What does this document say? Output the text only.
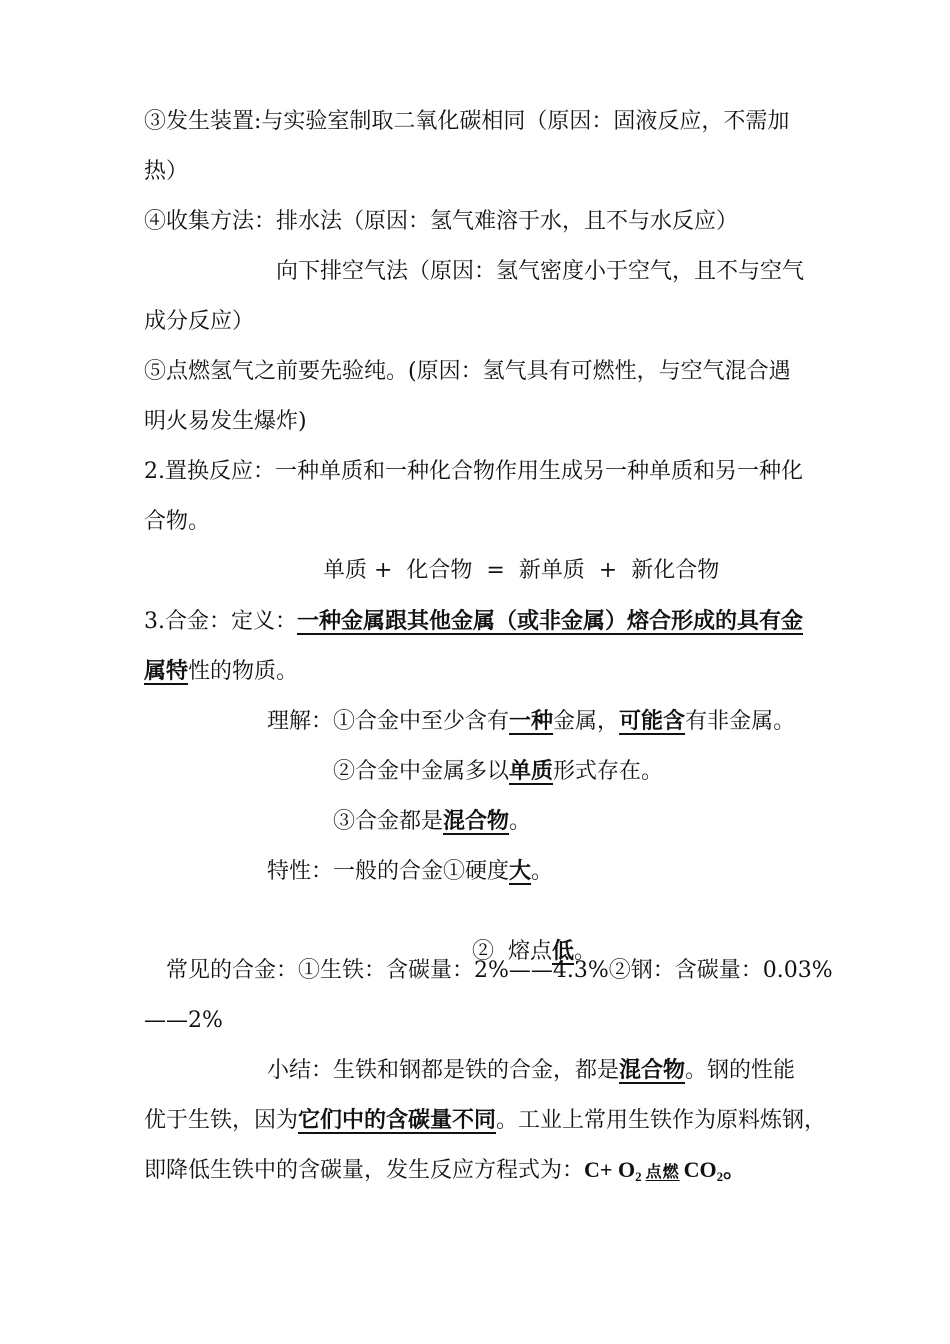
③发生装置:与实验室制取二氧化碳相同（原因：固液反应，不需加
热）
④收集方法：排水法（原因：氢气难溶于水，且不与水反应）
向下排空气法（原因：氢气密度小于空气，且不与空气
成分反应）
⑤点燃氢气之前要先验纯。(原因：氢气具有可燃性，与空气混合遇
明火易发生爆炸)
2.置换反应：一种单质和一种化合物作用生成另一种单质和另一种化
合物。
单质 +  化合物  =  新单质  +  新化合物
3.合金：定义：一种金属跟其他金属（或非金属）熔合形成的具有金
属特性的物质。
理解：①合金中至少含有一种金属，可能含有非金属。
②合金中金属多以单质形式存在。
③合金都是混合物。
特性：一般的合金①硬度大。

②  熔点低。

常见的合金：①生铁：含碳量：2%——4.3%②钢：含碳量：0.03%
——2%
小结：生铁和钢都是铁的合金，都是混合物。钢的性能
优于生铁，因为它们中的含碳量不同。工业上常用生铁作为原料炼钢，
即降低生铁中的含碳量，发生反应方程式为：$C+ O_2$ 点燃 $CO_2$。
